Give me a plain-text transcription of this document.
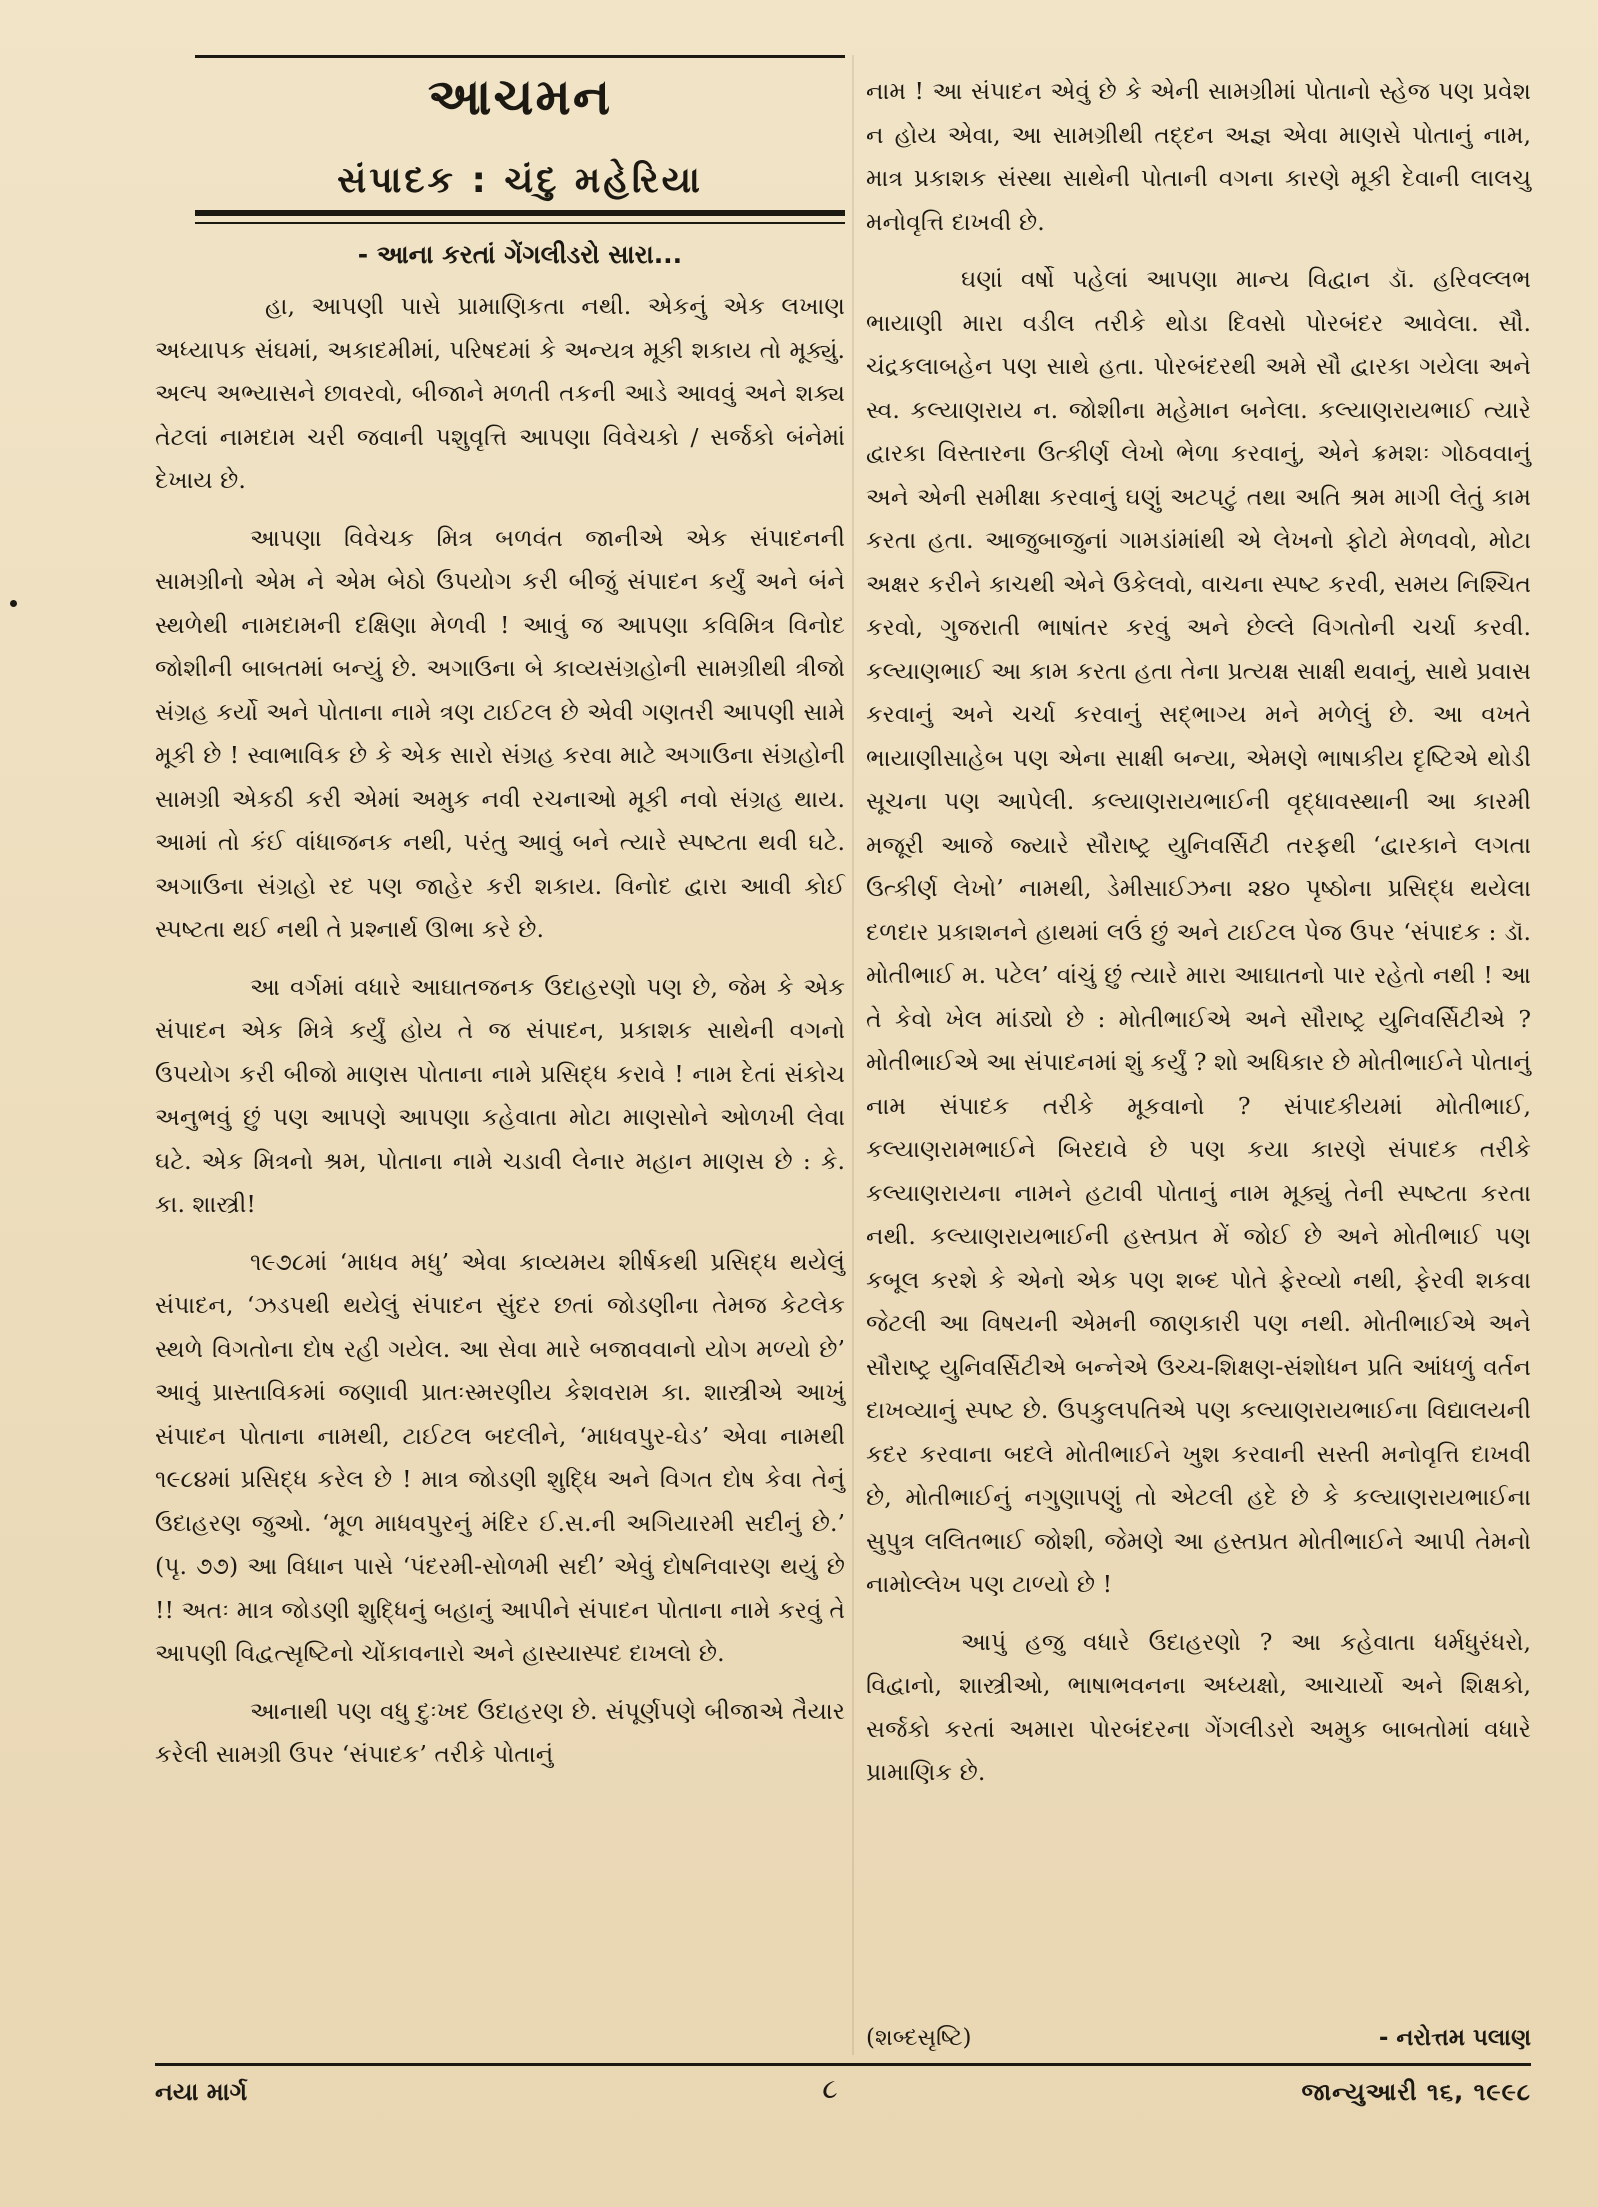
આચમન
સંપાદક : ચંદુ મહેરિયા
- આના કરતાં ગેંગલીડરો સારા...

હા, આપણી પાસે પ્રામાણિકતા નથી. એકનું એક લખાણ અધ્યાપક સંઘમાં, અકાદમીમાં, પરિષદમાં કે અન્યત્ર મૂકી શકાય તો મૂક્યું. અલ્પ અભ્યાસને છાવરવો, બીજાને મળતી તકની આડે આવવું અને શક્ય તેટલાં નામદામ ચરી જવાની પશુવૃત્તિ આપણા વિવેચકો / સર્જકો બંનેમાં દેખાય છે.

આપણા વિવેચક મિત્ર બળવંત જાનીએ એક સંપાદનની સામગ્રીનો એમ ને એમ બેઠો ઉપયોગ કરી બીજું સંપાદન કર્યું અને બંને સ્થળેથી નામદામની દક્ષિણા મેળવી ! આવું જ આપણા કવિમિત્ર વિનોદ જોશીની બાબતમાં બન્યું છે. અગાઉના બે કાવ્યસંગ્રહોની સામગ્રીથી ત્રીજો સંગ્રહ કર્યો અને પોતાના નામે ત્રણ ટાઈટલ છે એવી ગણતરી આપણી સામે મૂકી છે ! સ્વાભાવિક છે કે એક સારો સંગ્રહ કરવા માટે અગાઉના સંગ્રહોની સામગ્રી એકઠી કરી એમાં અમુક નવી રચનાઓ મૂકી નવો સંગ્રહ થાય. આમાં તો કંઈ વાંધાજનક નથી, પરંતુ આવું બને ત્યારે સ્પષ્ટતા થવી ઘટે. અગાઉના સંગ્રહો રદ પણ જાહેર કરી શકાય. વિનોદ દ્વારા આવી કોઈ સ્પષ્ટતા થઈ નથી તે પ્રશ્નાર્થ ઊભા કરે છે.

આ વર્ગમાં વધારે આઘાતજનક ઉદાહરણો પણ છે, જેમ કે એક સંપાદન એક મિત્રે કર્યું હોય તે જ સંપાદન, પ્રકાશક સાથેની વગનો ઉપયોગ કરી બીજો માણસ પોતાના નામે પ્રસિદ્ધ કરાવે ! નામ દેતાં સંકોચ અનુભવું છું પણ આપણે આપણા કહેવાતા મોટા માણસોને ઓળખી લેવા ઘટે. એક મિત્રનો શ્રમ, પોતાના નામે ચડાવી લેનાર મહાન માણસ છે : કે. કા. શાસ્ત્રી!

૧૯૭૮માં ‘માધવ મધુ’ એવા કાવ્યમય શીર્ષકથી પ્રસિદ્ધ થયેલું સંપાદન, ‘ઝડપથી થયેલું સંપાદન સુંદર છતાં જોડણીના તેમજ કેટલેક સ્થળે વિગતોના દોષ રહી ગયેલ. આ સેવા મારે બજાવવાનો યોગ મળ્યો છે’ આવું પ્રાસ્તાવિકમાં જણાવી પ્રાતઃસ્મરણીય કેશવરામ કા. શાસ્ત્રીએ આખું સંપાદન પોતાના નામથી, ટાઈટલ બદલીને, ‘માધવપુર-ઘેડ’ એવા નામથી ૧૯૮૪માં પ્રસિદ્ધ કરેલ છે ! માત્ર જોડણી શુદ્ધિ અને વિગત દોષ કેવા તેનું ઉદાહરણ જુઓ. ‘મૂળ માધવપુરનું મંદિર ઈ.સ.ની અગિયારમી સદીનું છે.’ (પૃ. ૭૭) આ વિધાન પાસે ‘પંદરમી-સોળમી સદી’ એવું દોષનિવારણ થયું છે !! અતઃ માત્ર જોડણી શુદ્ધિનું બહાનું આપીને સંપાદન પોતાના નામે કરવું તે આપણી વિદ્વત્સૃષ્ટિનો ચોંકાવનારો અને હાસ્યાસ્પદ દાખલો છે.

આનાથી પણ વધુ દુઃખદ ઉદાહરણ છે. સંપૂર્ણપણે બીજાએ તૈયાર કરેલી સામગ્રી ઉપર ‘સંપાદક’ તરીકે પોતાનું

નામ ! આ સંપાદન એવું છે કે એની સામગ્રીમાં પોતાનો સ્હેજ પણ પ્રવેશ ન હોય એવા, આ સામગ્રીથી તદ્દન અજ્ઞ એવા માણસે પોતાનું નામ, માત્ર પ્રકાશક સંસ્થા સાથેની પોતાની વગના કારણે મૂકી દેવાની લાલચુ મનોવૃત્તિ દાખવી છે.

ઘણાં વર્ષો પહેલાં આપણા માન્ય વિદ્વાન ડૉ. હરિવલ્લભ ભાયાણી મારા વડીલ તરીકે થોડા દિવસો પોરબંદર આવેલા. સૌ. ચંદ્રકલાબહેન પણ સાથે હતા. પોરબંદરથી અમે સૌ દ્વારકા ગયેલા અને સ્વ. કલ્યાણરાય ન. જોશીના મહેમાન બનેલા. કલ્યાણરાયભાઈ ત્યારે દ્વારકા વિસ્તારના ઉત્કીર્ણ લેખો ભેળા કરવાનું, એને ક્રમશઃ ગોઠવવાનું અને એની સમીક્ષા કરવાનું ઘણું અટપટું તથા અતિ શ્રમ માગી લેતું કામ કરતા હતા. આજુબાજુનાં ગામડાંમાંથી એ લેખનો ફોટો મેળવવો, મોટા અક્ષર કરીને કાચથી એને ઉકેલવો, વાચના સ્પષ્ટ કરવી, સમય નિશ્ચિત કરવો, ગુજરાતી ભાષાંતર કરવું અને છેલ્લે વિગતોની ચર્ચા કરવી. કલ્યાણભાઈ આ કામ કરતા હતા તેના પ્રત્યક્ષ સાક્ષી થવાનું, સાથે પ્રવાસ કરવાનું અને ચર્ચા કરવાનું સદ્ભાગ્ય મને મળેલું છે. આ વખતે ભાયાણીસાહેબ પણ એના સાક્ષી બન્યા, એમણે ભાષાકીય દૃષ્ટિએ થોડી સૂચના પણ આપેલી. કલ્યાણરાયભાઈની વૃદ્ધાવસ્થાની આ કારમી મજૂરી આજે જ્યારે સૌરાષ્ટ્ર યુનિવર્સિટી તરફથી ‘દ્વારકાને લગતા ઉત્કીર્ણ લેખો’ નામથી, ડેમીસાઈઝના ૨૪૦ પૃષ્ઠોના પ્રસિદ્ધ થયેલા દળદાર પ્રકાશનને હાથમાં લઉં છું અને ટાઈટલ પેજ ઉપર ‘સંપાદક : ડૉ. મોતીભાઈ મ. પટેલ’ વાંચું છું ત્યારે મારા આઘાતનો પાર રહેતો નથી ! આ તે કેવો ખેલ માંડ્યો છે : મોતીભાઈએ અને સૌરાષ્ટ્ર યુનિવર્સિટીએ ? મોતીભાઈએ આ સંપાદનમાં શું કર્યું ? શો અધિકાર છે મોતીભાઈને પોતાનું નામ સંપાદક તરીકે મૂકવાનો ? સંપાદકીયમાં મોતીભાઈ, કલ્યાણરામભાઈને બિરદાવે છે પણ કયા કારણે સંપાદક તરીકે કલ્યાણરાયના નામને હટાવી પોતાનું નામ મૂક્યું તેની સ્પષ્ટતા કરતા નથી. કલ્યાણરાયભાઈની હસ્તપ્રત મેં જોઈ છે અને મોતીભાઈ પણ કબૂલ કરશે કે એનો એક પણ શબ્દ પોતે ફેરવ્યો નથી, ફેરવી શકવા જેટલી આ વિષયની એમની જાણકારી પણ નથી. મોતીભાઈએ અને સૌરાષ્ટ્ર યુનિવર્સિટીએ બન્નેએ ઉચ્ચ-શિક્ષણ-સંશોધન પ્રતિ આંધળું વર્તન દાખવ્યાનું સ્પષ્ટ છે. ઉપકુલપતિએ પણ કલ્યાણરાયભાઈના વિદ્યાલયની કદર કરવાના બદલે મોતીભાઈને ખુશ કરવાની સસ્તી મનોવૃત્તિ દાખવી છે, મોતીભાઈનું નગુણાપણું તો એટલી હદે છે કે કલ્યાણરાયભાઈના સુપુત્ર લલિતભાઈ જોશી, જેમણે આ હસ્તપ્રત મોતીભાઈને આપી તેમનો નામોલ્લેખ પણ ટાળ્યો છે !

આપું હજુ વધારે ઉદાહરણો ? આ કહેવાતા ધર્મધુરંધરો, વિદ્વાનો, શાસ્ત્રીઓ, ભાષાભવનના અધ્યક્ષો, આચાર્યો અને શિક્ષકો, સર્જકો કરતાં અમારા પોરબંદરના ગેંગલીડરો અમુક બાબતોમાં વધારે પ્રામાણિક છે.

(શબ્દસૃષ્ટિ)	- નરોત્તમ પલાણ
નયા માર્ગ	૮	જાન્યુઆરી ૧૬, ૧૯૯૮
